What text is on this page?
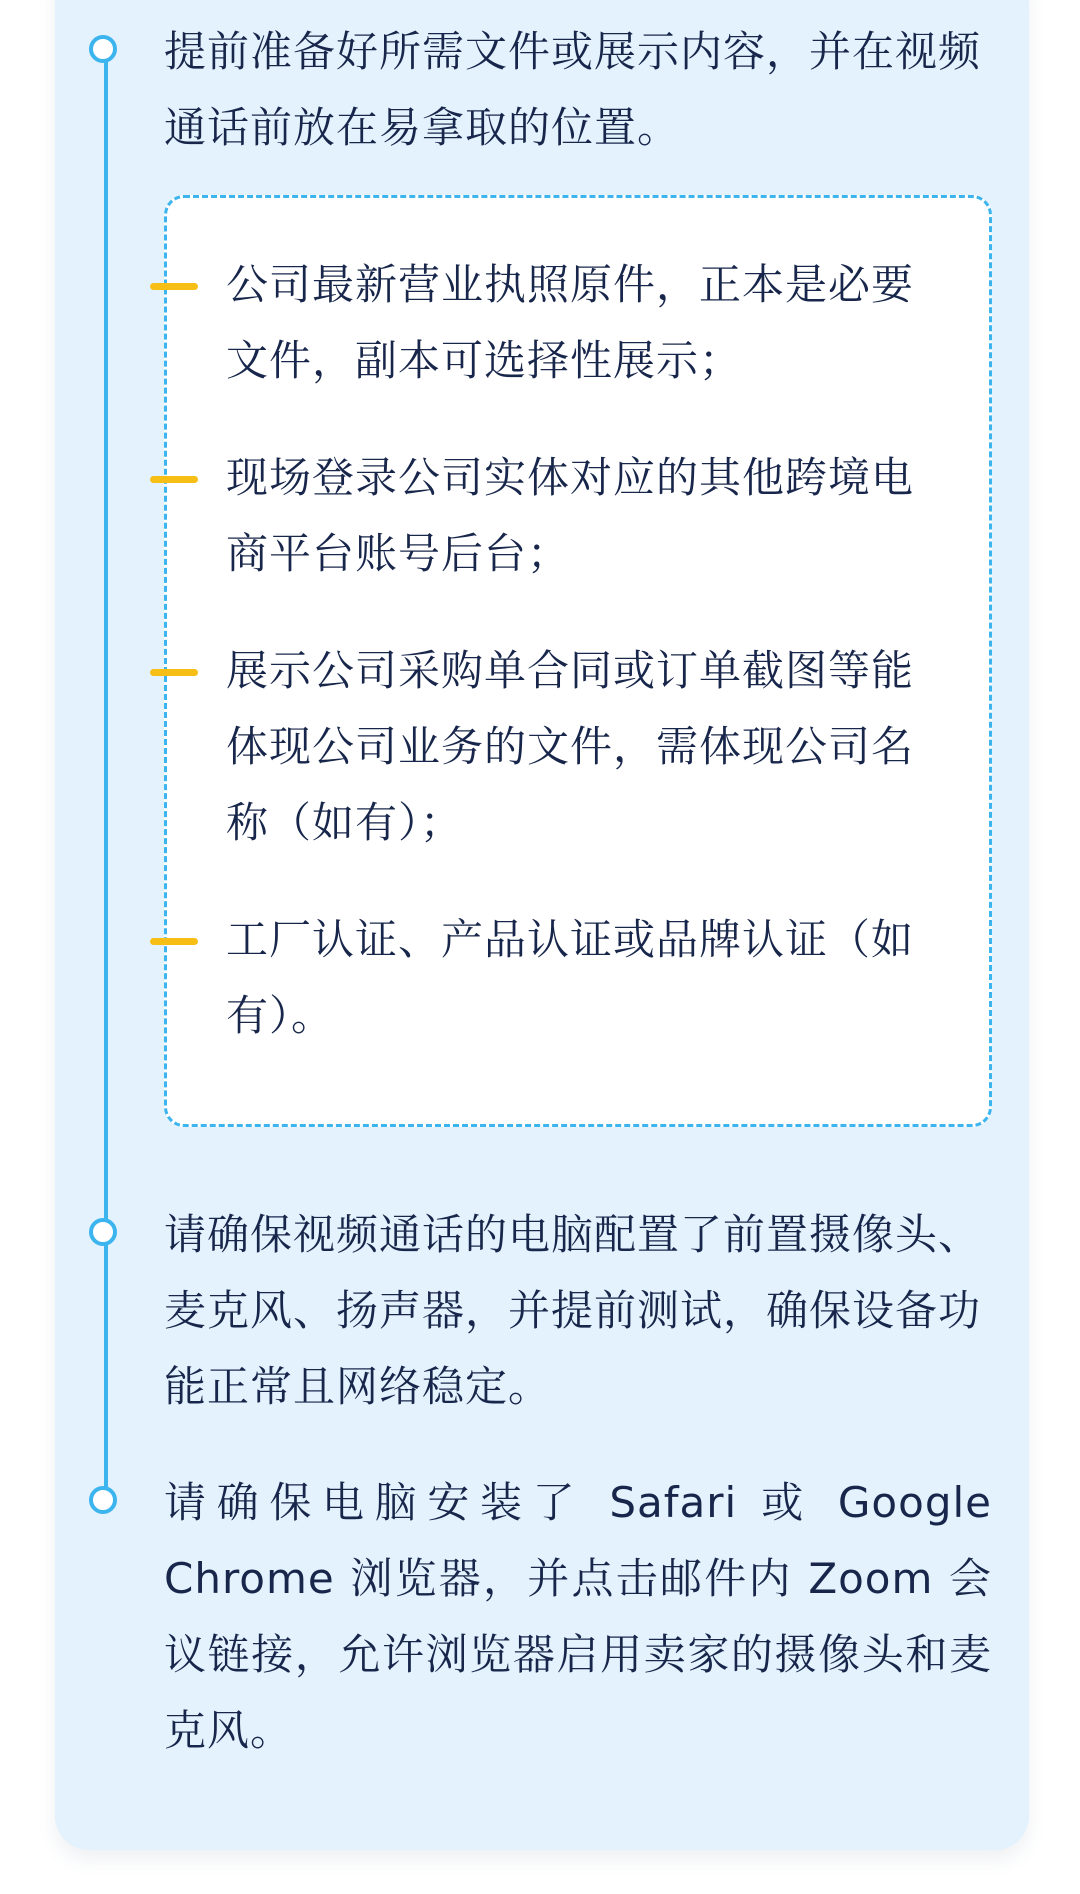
提前准备好所需文件或展示内容，并在视频通话前放在易拿取的位置。

公司最新营业执照原件，正本是必要文件，副本可选择性展示；

现场登录公司实体对应的其他跨境电商平台账号后台；

展示公司采购单合同或订单截图等能体现公司业务的文件，需体现公司名称（如有）；

工厂认证、产品认证或品牌认证（如有）。

请确保视频通话的电脑配置了前置摄像头、麦克风、扬声器，并提前测试，确保设备功能正常且网络稳定。

请确保电脑安装了 Safari 或 Google Chrome 浏览器，并点击邮件内 Zoom 会议链接，允许浏览器启用卖家的摄像头和麦克风。
